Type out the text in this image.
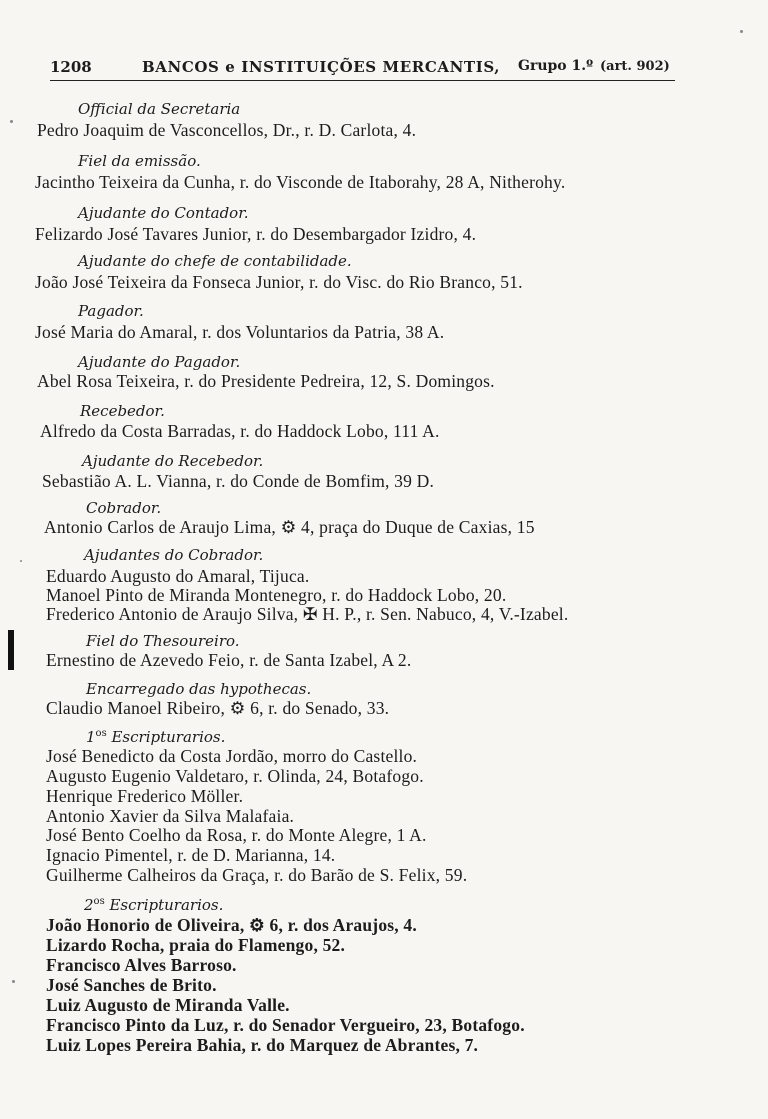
1208	BANCOS e INSTITUIÇÕES MERCANTIS, Grupo 1.º (art. 902)
Official da Secretaria
Pedro Joaquim de Vasconcellos, Dr., r. D. Carlota, 4.
Fiel da emissão.
Jacintho Teixeira da Cunha, r. do Visconde de Itaborahy, 28 A, Nitherohy.
Ajudante do Contador.
Felizardo José Tavares Junior, r. do Desembargador Izidro, 4.
Ajudante do chefe de contabilidade.
João José Teixeira da Fonseca Junior, r. do Visc. do Rio Branco, 51.
Pagador.
José Maria do Amaral, r. dos Voluntarios da Patria, 38 A.
Ajudante do Pagador.
Abel Rosa Teixeira, r. do Presidente Pedreira, 12, S. Domingos.
Recebedor.
Alfredo da Costa Barradas, r. do Haddock Lobo, 111 A.
Ajudante do Recebedor.
Sebastião A. L. Vianna, r. do Conde de Bomfim, 39 D.
Cobrador.
Antonio Carlos de Araujo Lima, ⚙ 4, praça do Duque de Caxias, 15
Ajudantes do Cobrador.
Eduardo Augusto do Amaral, Tijuca.
Manoel Pinto de Miranda Montenegro, r. do Haddock Lobo, 20.
Frederico Antonio de Araujo Silva, ✠ H. P., r. Sen. Nabuco, 4, V.-Izabel.
Fiel do Thesoureiro.
Ernestino de Azevedo Feio, r. de Santa Izabel, A 2.
Encarregado das hypothecas.
Claudio Manoel Ribeiro, ⚙ 6, r. do Senado, 33.
$1^{os}$ Escripturarios.
José Benedicto da Costa Jordão, morro do Castello.
Augusto Eugenio Valdetaro, r. Olinda, 24, Botafogo.
Henrique Frederico Möller.
Antonio Xavier da Silva Malafaia.
José Bento Coelho da Rosa, r. do Monte Alegre, 1 A.
Ignacio Pimentel, r. de D. Marianna, 14.
Guilherme Calheiros da Graça, r. do Barão de S. Felix, 59.
$2^{os}$ Escripturarios.
João Honorio de Oliveira, ⚙ 6, r. dos Araujos, 4.
Lizardo Rocha, praia do Flamengo, 52.
Francisco Alves Barroso.
José Sanches de Brito.
Luiz Augusto de Miranda Valle.
Francisco Pinto da Luz, r. do Senador Vergueiro, 23, Botafogo.
Luiz Lopes Pereira Bahia, r. do Marquez de Abrantes, 7.
